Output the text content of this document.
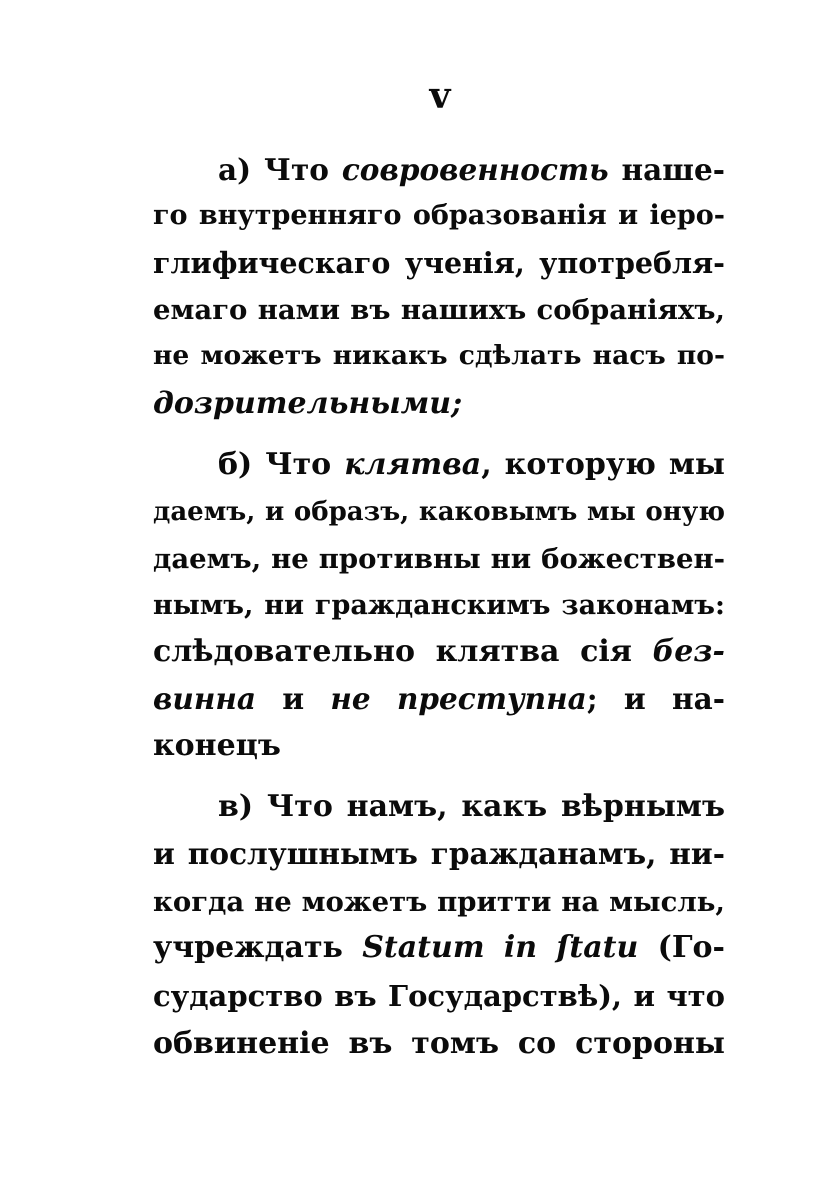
v
а) Что совровенность наше-
го внутренняго образованія и іеро-
глифическаго ученія, употребля-
емаго нами въ нашихъ собраніяхъ,
не можетъ никакъ сдѣлать насъ по-
дозрительными;
б) Что клятва, которую мы
даемъ, и образъ, каковымъ мы оную
даемъ, не противны ни божествен-
нымъ, ни гражданскимъ законамъ:
слѣдовательно клятва сія без-
винна и не преступна; и на-
конецъ
в) Что намъ, какъ вѣрнымъ
и послушнымъ гражданамъ, ни-
когда не можетъ притти на мысль,
учреждать Statum in ſtatu (Го-
сударство въ Государствѣ), и что
обвиненіе въ томъ со стороны
